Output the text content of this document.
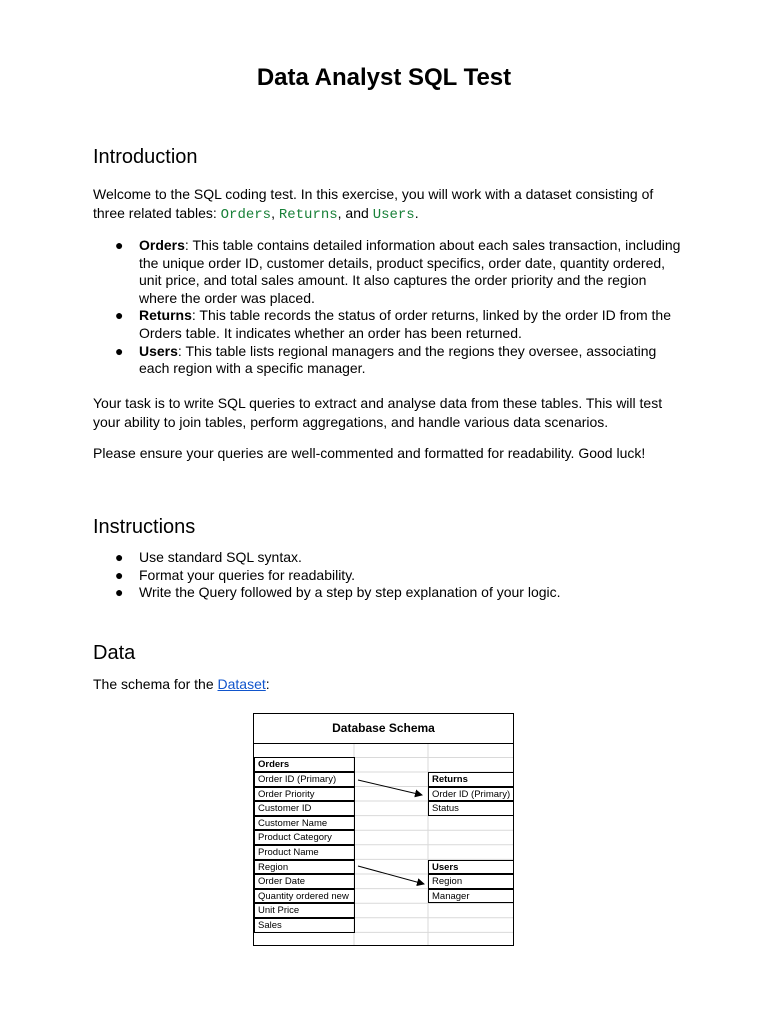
Data Analyst SQL Test
Introduction

Welcome to the SQL coding test. In this exercise, you will work with a dataset consisting of three related tables: Orders, Returns, and Users.

● Orders: This table contains detailed information about each sales transaction, including the unique order ID, customer details, product specifics, order date, quantity ordered, unit price, and total sales amount. It also captures the order priority and the region where the order was placed.
● Returns: This table records the status of order returns, linked by the order ID from the Orders table. It indicates whether an order has been returned.
● Users: This table lists regional managers and the regions they oversee, associating each region with a specific manager.

Your task is to write SQL queries to extract and analyse data from these tables. This will test your ability to join tables, perform aggregations, and handle various data scenarios.

Please ensure your queries are well-commented and formatted for readability. Good luck!

Instructions
● Use standard SQL syntax.
● Format your queries for readability.
● Write the Query followed by a step by step explanation of your logic.
Data

The schema for the Dataset:

Database Schema
Orders
Order ID (Primary)
Order Priority
Customer ID
Customer Name
Product Category
Product Name
Region
Order Date
Quantity ordered new
Unit Price
Sales
Returns
Order ID (Primary)
Status
Users
Region
Manager
